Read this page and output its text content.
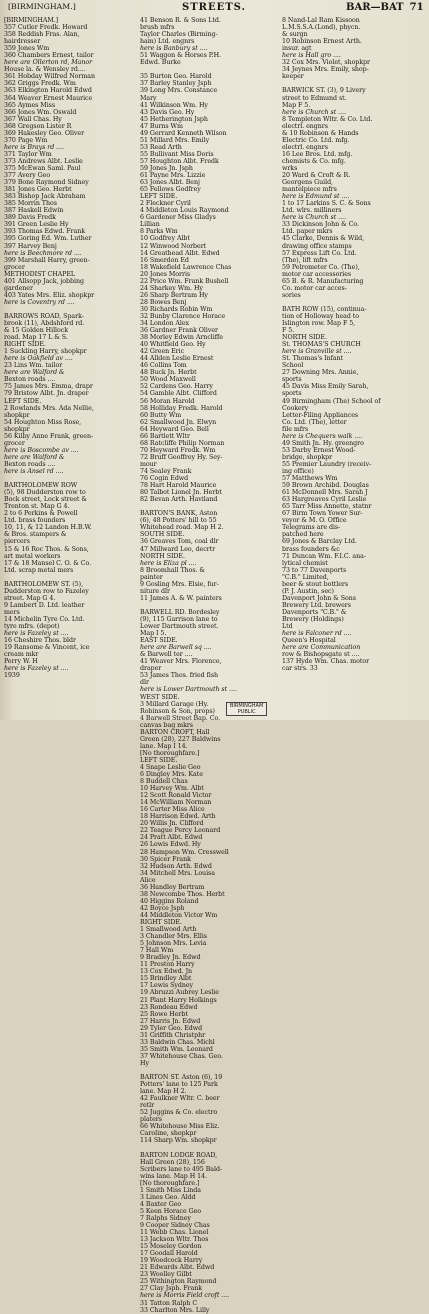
[BIRMINGHAM.]	STREETS.	BAR—BAT 71
[BIRMINGHAM.]
357 Cutler Fredk. Howard
358 Reddish Fras. Alan,
hairdresser
359 Jones Wm
360 Chambers Ernest, tailor
here are Ollerton rd, Manor
House la. & Wensley rd....
361 Hobday Wilfred Norman
362 Griggs Fredk. Wm
363 Elkington Harold Edwd
364 Weaver Ernest Maurice
365 Aymes Miss
366 Jones Wm. Oswald
367 Wall Chas. Hy
368 Gregson Lister R
369 Hakesley Geo. Oliver
370 Page Wm
here is Brays rd ....
371 Taylor Wm
373 Andrews Albt. Leslie
375 McEwan Saml. Paul
377 Avery Geo
379 Bone Raymond Sidney
381 Jones Geo. Herbt
383 Bishop Jack Abraham
385 Morrin Thos
387 Haskell Edwin
389 Davis Fredk
391 Green Leslie Hy
393 Thomas Edwd. Frank
395 Goring Ed. Wm. Luther
397 Harvey Benj
here is Beechmore rd ....
399 Marshall Harry, green-
grocer
METHODIST CHAPEL
401 Allsopp Jack, jobbing
gardener
403 Yates Mrs. Eliz. shopkpr
here is Coventry rd ....
BARROWS ROAD, Spark-
brook (11), Abdshford rd.
& 15 Golden Hillock
road. Map 17 L & S.
RIGHT SIDE.
1 Suckling Harry, shopkpr
here is Oakfield av ....
23 Lins Wm. tailor
here are Walford &
Bexton roads ....
75 James Mrs. Emma, drapr
79 Bristow Albt. Jn. draper
LEFT SIDE.
2 Rowlands Mrs. Ada Nellie,
shopkpr
54 Houghton Miss Rose,
shopkpr
56 Kilby Anne Frank, green-
grocer
here is Boscombe av ....
here are Walford &
Bexton roads ....
here is Ansel rd ....
BARTHOLOMEW ROW
(5), 98 Dudderston row to
Bock street, Lock street &
Trenton st. Map G 4.
2 to 6 Perkins & Powell
Ltd. brass founders
10, 11, & 12 Landon H.B.W.
& Bros. stampers &
piercers
15 & 16 Roc Thos. & Sons,
art metal workers
17 & 18 Mansel C. O. & Co.
Ltd. scrap metal mers
BARTHOLOMEW ST. (5),
Dudderston row to Fazeley
street. Map G 4.
9 Lambert D. Ltd. leather
mers
14 Michelin Tyre Co. Ltd.
tyre mfrs. (depot)
here is Fazeley st ....
16 Cheshire Thos. bldr
19 Ransome & Vincent, ice
cream mkr
Perry W. H
here is Fazeley st ....
1939
41 Benson R. & Sons Ltd.
brush mfrs
Taylor Charles (Birming-
ham) Ltd. engnrs
here is Banbury st ....
51 Waggon & Horses P.H.
Edwd. Burke
35 Burton Geo. Harold
37 Barley Stanley Jsph
39 Long Mrs. Constance
Mary
41 Wilkinson Wm. Hy
43 Davis Geo. Hy
45 Hetherington Jsph
47 Burns Wm
49 Gerrard Kenneth Wilson
51 Millard Mrs. Emily
53 Read Arth
55 Bullivant Miss Doris
57 Houghton Albt. Fredk
59 Jones Jn. Jsph
61 Payne Mrs. Lizzie
63 Jones Albt. Benj
65 Fellows Godfrey
LEFT SIDE.
2 Fleckner Cyril
4 Middleton Louis Raymond
6 Gardener Miss Gladys
Lillian
8 Parks Wm
10 Godfrey Albt
12 Winwood Norbert
14 Greathead Albt. Edwd
16 Smerdon Ed
18 Wakefield Lawrence Chas
20 Jones Morris
22 Price Wm. Frank Bushell
24 Sharkey Wm. Hy
26 Sharp Bertram Hy
28 Bowes Benj
30 Richards Robin Wm
32 Bunby Clarence Horace
34 London Alex
36 Gardner Frank Oliver
38 Morley Edwin Arncliffe
40 Whitfield Geo. Hy
42 Green Eric
44 Allden Leslie Ernest
46 Collins Tom
48 Buck Jn. Herbt
50 Wood Maxwell
52 Cardens Geo. Harry
54 Gamble Albt. Clifford
56 Moran Harold
58 Holliday Fredk. Harold
60 Butty Wm
62 Smallwood Jn. Elwyn
64 Heyward Geo. Bell
66 Bartlett Wltr
68 Ratcliffe Philip Norman
70 Heyward Fredk. Wm
72 Bruff Geoffrey Hy. Sey-
mour
74 Sealey Frank
76 Cogin Edwd
78 Hart Harold Maurice
80 Talbot Lionel Jn. Herbt
82 Bevan Arth. Haviland
BARTON'S BANK, Aston
(6), 48 Potters' hill to 55
Whitehead road. Map H 2.
SOUTH SIDE.
36 Greaves Tom, coal dlr
47 Millward Leo, decrtr
NORTH SIDE.
here is Eliza pl ....
8 Broomhall Thos. &
painter
9 Gosling Mrs. Elsie, fur-
niture dlr
11 James A. & W. painters
BARWELL RD. Bordesley
(9), 115 Garrison lane to
Lower Dartmouth street.
Map I 5.
EAST SIDE.
here are Barwell sq ....
& Barwell ter ....
41 Weaver Mrs. Florence,
draper
53 James Thos. fried fish
dlr
here is Lower Dartmouth st ....
WEST SIDE.
3 Millard Garage (Hy.
Robinson & Son, props)
4 Barwell Street Bap. Co.
canvas bag mkrs
BARTON CROFT, Hall
Green (28), 227 Baldwins
lane. Map I 14.
[No thoroughfare.]
LEFT SIDE.
4 Snape Leslie Geo
6 Dingley Mrs. Kate
8 Buddell Chas
10 Harvey Wm. Albt
12 Scott Ronald Victor
14 McWilliam Norman
16 Carter Miss Alice
18 Harrison Edwd. Arth
20 Willis Jn. Clifford
22 Teague Percy Leonard
24 Pratt Albt. Edwd
26 Lewis Edwd. Hy
28 Hampson Wm. Cresswell
30 Spicer Frank
32 Hudson Arth. Edwd
34 Mitchell Mrs. Louisa
Alice
36 Handley Bertram
38 Newcombe Thos. Herbt
40 Higgins Roland
42 Boyce Jsph
44 Middleton Victor Wm
RIGHT SIDE.
1 Smallwood Arth
3 Chandler Mrs. Ellis
5 Johnson Mrs. Levia
7 Hall Wm
9 Bradley Jn. Edwd
11 Preston Harry
13 Cox Edwd. Jn
15 Brindley Albt
17 Lewis Sydney
19 Abruzzi Aubrey Leslie
21 Plant Harry Holkings
23 Rondeau Edwd
25 Rowe Herbt
27 Harris Jn. Edwd
29 Tyler Geo. Edwd
31 Griffith Christphr
33 Baldwin Chas. Michl
35 Smith Wm. Leonard
37 Whitehouse Chas. Geo.
Hy
BARTON ST. Aston (6), 19
Potters' lane to 125 Park
lane. Map H 2.
42 Faulkner Wltr. C. beer
retlr
52 Juggins & Co. electro
platers
66 Whitehouse Miss Eliz.
Caroline, shopkpr
114 Sharp Wm. shopkpr
BARTON LODGE ROAD,
Hall Green (28), 156
Scribers lane to 495 Bald-
wins lane. Map H 14.
[No thoroughfare.]
1 Smith Miss Linda
3 Lines Geo. Aldd
4 Baxter Geo
5 Keen Horace Geo
7 Ralphs Sidney
9 Cooper Sidney Chas
11 Webb Chas. Lionel
13 Jackson Wltr. Thos
15 Moseley Gordon
17 Goodall Harold
19 Woodcock Harry
21 Edwards Albt. Edwd
23 Woolley Gilbt
25 Withington Raymond
27 Clay Jsph. Frank
here is Morris Field croft ....
31 Tatton Ralph C
33 Charlton Mrs. Lilly
8 Nand-Lal Ram Kissoon
L.M.S.S.A.(Lond), phycn.
& surgn
10 Robinson Ernest Arth.
insur. agt
here is Hall gro ....
32 Cox Mrs. Violet, shopkpr
34 Jeynes Mrs. Emily, shop-
keeper
BARWICK ST. (3), 9 Livery
street to Edmund st.
Map F 5.
here is Church st ....
8 Templeton Wltr. & Co. Ltd.
electrl. engnrs
& 10 Robinson & Hands
Electric Co. Ltd. mfg.
electrl. engnrs
16 Lee Bros. Ltd. mfg.
chemists & Co. mfg.
wrks
20 Ward & Croft & R.
Georgens Guild,
mantelpiece mfrs
here is Edmund st ....
1 to 17 Larkins S. C. & Sons
Ltd. wlrs. milliners
here is Church st ....
33 Dickinson John & Co.
Ltd. paper mkrs
45 Clarke, Dennis & Wild,
drawing office stamps
57 Express Lift Co. Ltd.
(The), lift mfrs
59 Pelrometer Co. (The),
motor car accessories
65 B. & R. Manufacturing
Co. motor car acces-
sories
BATH ROW (15), continua-
tion of Holloway head to
Islington row. Map F 5,
F 5.
NORTH SIDE.
St. THOMAS'S CHURCH
here is Granville st ....
St. Thomas's Infant
School
27 Downing Mrs. Annie,
sports
45 Davis Miss Emily Sarah,
sports
49 Birmingham (The) School of
Cookery
Letter-Filing Appliances
Co. Ltd. (The), letter
file mfrs
here is Chequers walk ....
49 Smith Jn. Hy. greengro
53 Darby Ernest Wood-
bridge, shopkpr
55 Premier Laundry (receiv-
ing office)
57 Matthews Wm
59 Brown Archibd. Douglas
61 McDonnell Mrs. Sarah J
63 Hargreaves Cyril Leslie
65 Tarr Miss Annette, statnr
67 Birm Town Yower Sur-
veyor & M. O. Office
Telegrams are dis-
patched here
69 Jones & Barclay Ltd.
brass founders &c
71 Duncan Wm. F.I.C. ana-
lytical chemist
73 to 77 Davenports
"C.B." Limited,
beer & stout bottlers
(P. J. Austin, sec)
Davenport John & Sons
Brewery Ltd. brewers
Davenports "C.B." &
Brewery (Holdings)
Ltd
here is Falconer rd ....
Queen's Hospital
here are Communication
row & Bishopsgate st ....
137 Hyde Wm. Chas. motor
car strs. 33
BIRMINGHAM
PUBLIC
